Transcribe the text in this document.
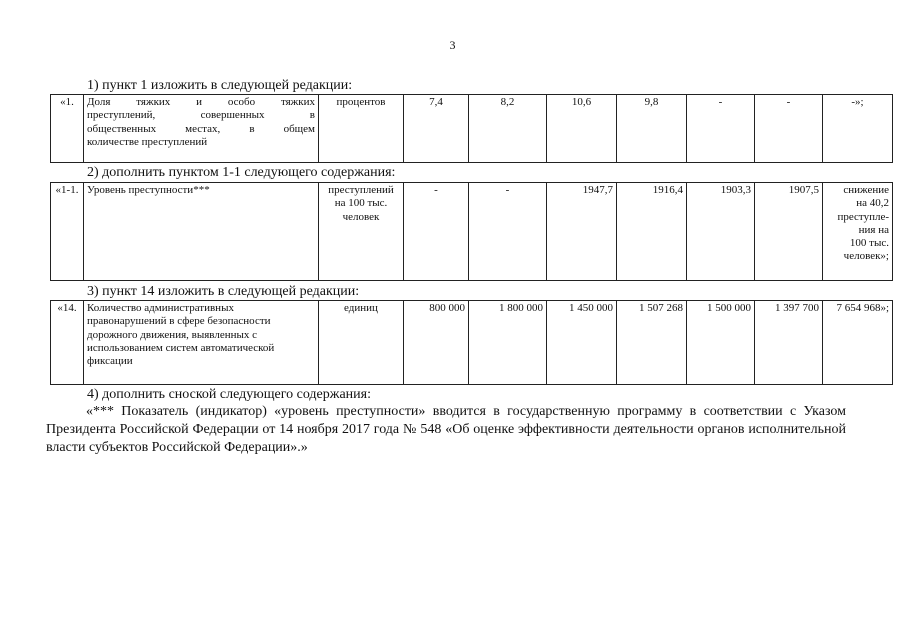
3
1) пункт 1 изложить в следующей редакции:
«1.	Доля тяжких и особо тяжких
преступлений, совершенных в
общественных местах, в общем
количестве преступлений
	процентов	7,4	8,2	10,6	9,8	-	-	-»;
2) дополнить пунктом 1-1 следующего содержания:
«1-1.	Уровень преступности***	преступлений
на 100 тыс.
человек
	-	-	1947,7	1916,4	1903,3	1907,5	снижение
на 40,2
преступле-
ния на
100 тыс.
человек»;
3) пункт 14 изложить в следующей редакции:
«14.	Количество административных
правонарушений в сфере безопасности
дорожного движения, выявленных с
использованием систем автоматической
фиксации
	единиц	800 000	1 800 000	1 450 000	1 507 268	1 500 000	1 397 700	7 654 968»;
4) дополнить сноской следующего содержания:
«*** Показатель (индикатор) «уровень преступности» вводится в государственную программу в соответствии с Указом Президента Российской Федерации от 14 ноября 2017 года № 548 «Об оценке эффективности деятельности органов исполнительной власти субъектов Российской Федерации».»
